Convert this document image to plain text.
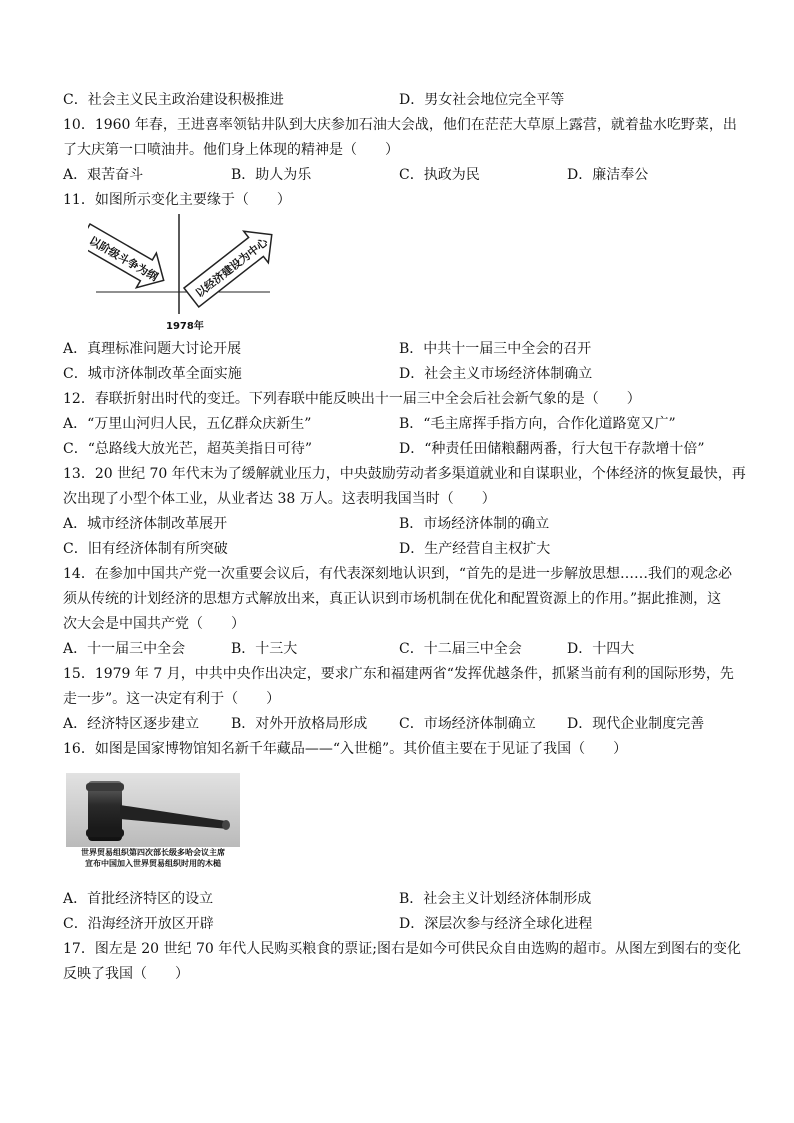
C．社会主义民主政治建设积极推进	D．男女社会地位完全平等
10．1960 年春，王进喜率领钻井队到大庆参加石油大会战，他们在茫茫大草原上露营，就着盐水吃野菜，出
了大庆第一口喷油井。他们身上体现的精神是（　　）
A．艰苦奋斗	B．助人为乐	C．执政为民	D．廉洁奉公
11．如图所示变化主要缘于（　　）
以阶级斗争为纲	以经济建设为中心
1978年
A．真理标准问题大讨论开展	B．中共十一届三中全会的召开
C．城市济体制改革全面实施	D．社会主义市场经济体制确立
12．春联折射出时代的变迁。下列春联中能反映出十一届三中全会后社会新气象的是（　　）
A．“万里山河归人民，五亿群众庆新生”	B．“毛主席挥手指方向，合作化道路宽又广”
C．“总路线大放光芒，超英美指日可待”	D．“种责任田储粮翻两番，行大包干存款增十倍”
13．20 世纪 70 年代末为了缓解就业压力，中央鼓励劳动者多渠道就业和自谋职业，个体经济的恢复最快，再
次出现了小型个体工业，从业者达 38 万人。这表明我国当时（　　）
A．城市经济体制改革展开	B．市场经济体制的确立
C．旧有经济体制有所突破	D．生产经营自主权扩大
14．在参加中国共产党一次重要会议后，有代表深刻地认识到，“首先的是进一步解放思想……我们的观念必
须从传统的计划经济的思想方式解放出来，真正认识到市场机制在优化和配置资源上的作用。”据此推测，这
次大会是中国共产党（　　）
A．十一届三中全会	B．十三大	C．十二届三中全会	D．十四大
15．1979 年 7 月，中共中央作出决定，要求广东和福建两省“发挥优越条件，抓紧当前有利的国际形势，先
走一步”。这一决定有利于（　　）
A．经济特区逐步建立 B．对外开放格局形成 C．市场经济体制确立 D．现代企业制度完善
16．如图是国家博物馆知名新千年藏品——“入世槌”。其价值主要在于见证了我国（　　）
世界贸易组织第四次部长级多哈会议主席
宣布中国加入世界贸易组织时用的木槌
A．首批经济特区的设立	B．社会主义计划经济体制形成
C．沿海经济开放区开辟	D．深层次参与经济全球化进程
17．图左是 20 世纪 70 年代人民购买粮食的票证;图右是如今可供民众自由选购的超市。从图左到图右的变化
反映了我国（　　）
